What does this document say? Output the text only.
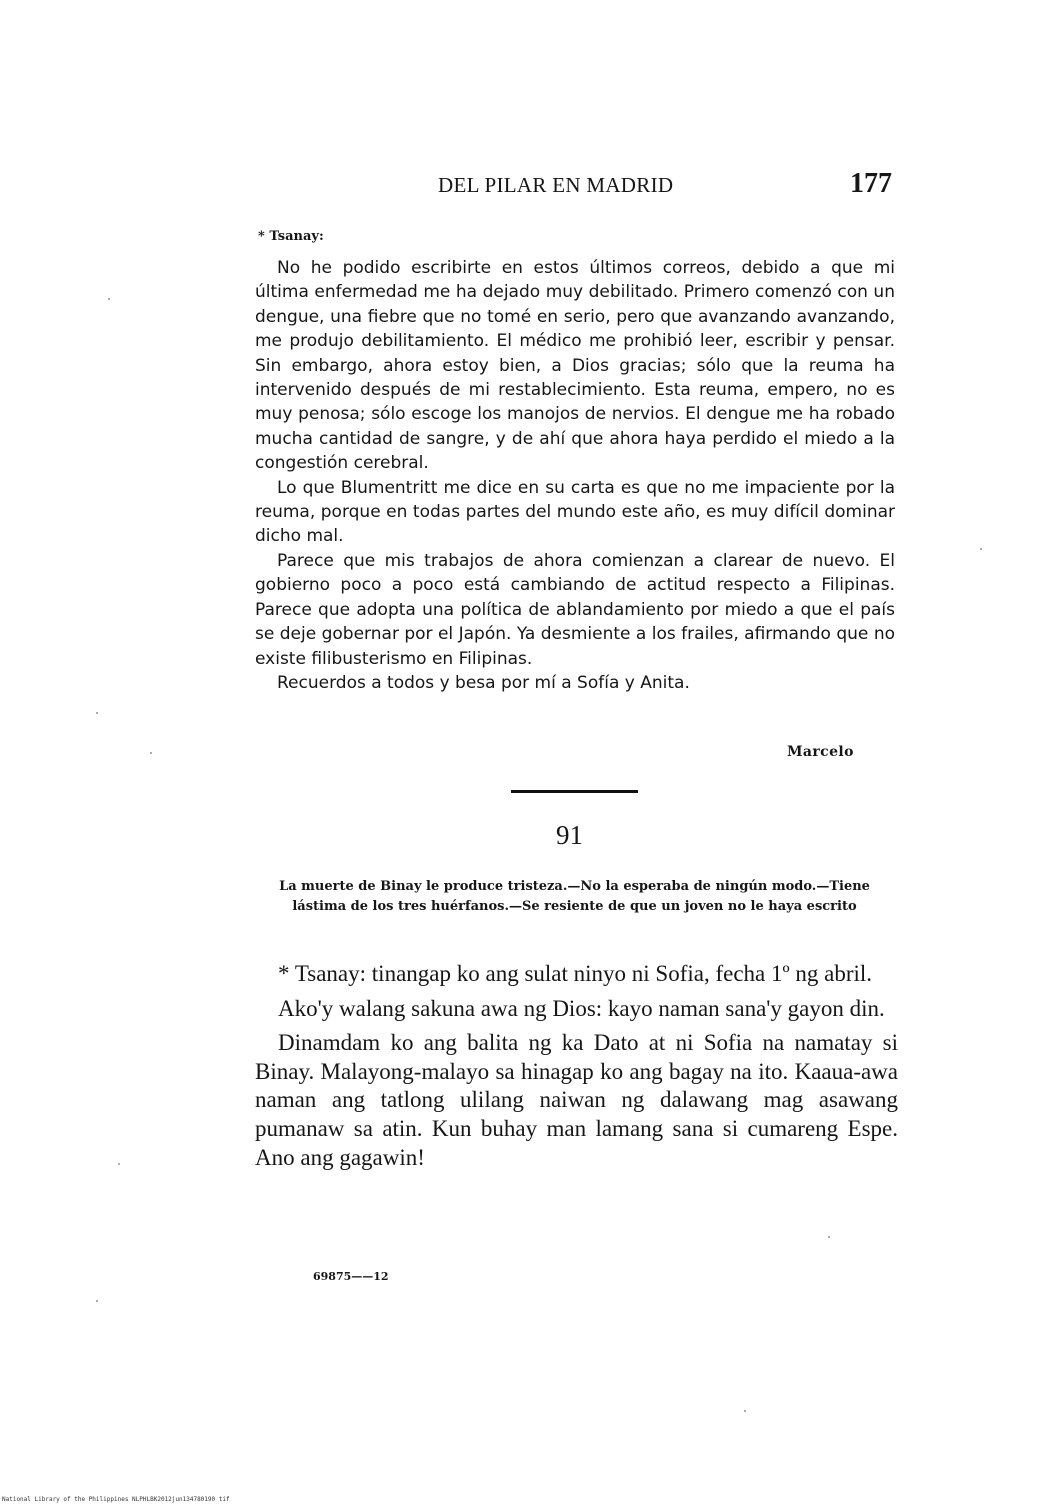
DEL PILAR EN MADRID	177
* Tsanay:

No he podido escribirte en estos últimos correos, debido a que mi última enfermedad me ha dejado muy debilitado. Primero comenzó con un dengue, una fiebre que no tomé en serio, pero que avanzando avanzando, me produjo debilitamiento. El médico me prohibió leer, escribir y pensar. Sin embargo, ahora estoy bien, a Dios gracias; sólo que la reuma ha intervenido después de mi restablecimiento. Esta reuma, empero, no es muy penosa; sólo escoge los manojos de nervios. El dengue me ha robado mucha cantidad de sangre, y de ahí que ahora haya perdido el miedo a la congestión cerebral.

Lo que Blumentritt me dice en su carta es que no me impaciente por la reuma, porque en todas partes del mundo este año, es muy difícil dominar dicho mal.

Parece que mis trabajos de ahora comienzan a clarear de nuevo. El gobierno poco a poco está cambiando de actitud respecto a Filipinas. Parece que adopta una política de ablandamiento por miedo a que el país se deje gobernar por el Japón. Ya desmiente a los frailes, afirmando que no existe filibusterismo en Filipinas.

Recuerdos a todos y besa por mí a Sofía y Anita.

Marcelo
91
La muerte de Binay le produce tristeza.—No la esperaba de ningún modo.—Tiene lástima de los tres huérfanos.—Se resiente de que un joven no le haya escrito

* Tsanay: tinangap ko ang sulat ninyo ni Sofia, fecha 1º ng abril.

Ako'y walang sakuna awa ng Dios: kayo naman sana'y gayon din.

Dinamdam ko ang balita ng ka Dato at ni Sofia na namatay si Binay. Malayong-malayo sa hinagap ko ang bagay na ito. Kaaua-awa naman ang tatlong ulilang naiwan ng dalawang mag asawang pumanaw sa atin. Kun buhay man lamang sana si cumareng Espe. Ano ang gagawin!

69875——12
National Library of the Philippines NLPHLBK2012jun134780190 tif
